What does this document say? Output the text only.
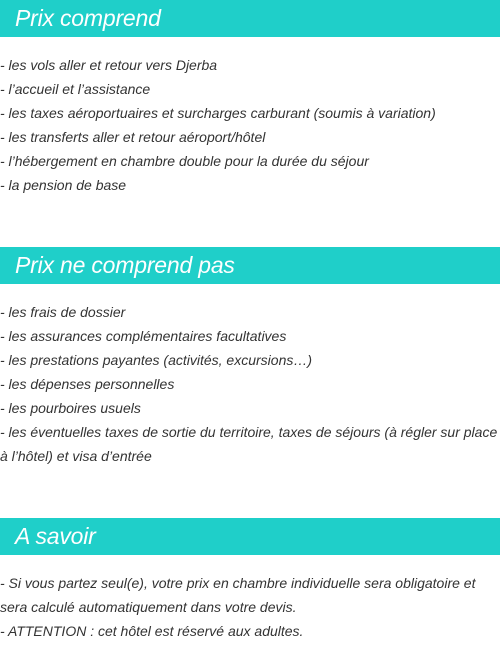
Prix comprend
- les vols aller et retour vers Djerba
- l’accueil et l’assistance
- les taxes aéroportuaires et surcharges carburant (soumis à variation)
- les transferts aller et retour aéroport/hôtel
- l’hébergement en chambre double pour la durée du séjour
- la pension de base
Prix ne comprend pas
- les frais de dossier
- les assurances complémentaires facultatives
- les prestations payantes (activités, excursions…)
- les dépenses personnelles
- les pourboires usuels
- les éventuelles taxes de sortie du territoire, taxes de séjours (à régler sur place à l’hôtel) et visa d’entrée
A savoir
- Si vous partez seul(e), votre prix en chambre individuelle sera obligatoire et sera calculé automatiquement dans votre devis.
- ATTENTION : cet hôtel est réservé aux adultes.
